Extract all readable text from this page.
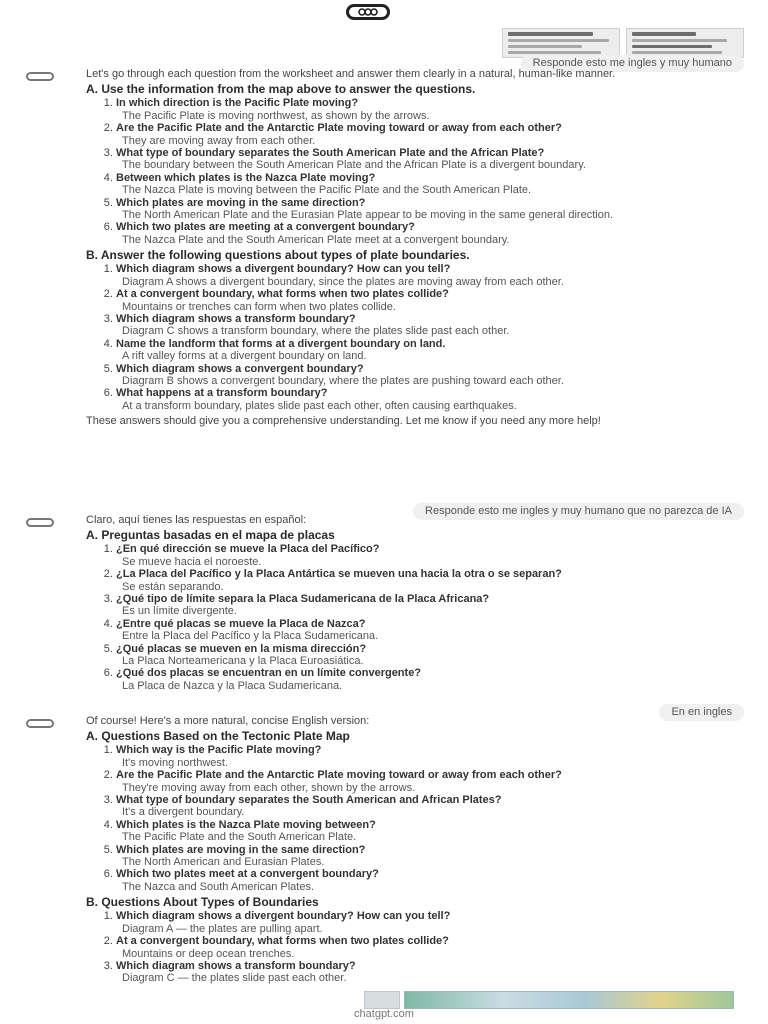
Responde esto me ingles y muy humano

Let's go through each question from the worksheet and answer them clearly in a natural, human-like manner.

A. Use the information from the map above to answer the questions.
1. In which direction is the Pacific Plate moving?
The Pacific Plate is moving northwest, as shown by the arrows.
2. Are the Pacific Plate and the Antarctic Plate moving toward or away from each other?
They are moving away from each other.
3. What type of boundary separates the South American Plate and the African Plate?
The boundary between the South American Plate and the African Plate is a divergent boundary.
4. Between which plates is the Nazca Plate moving?
The Nazca Plate is moving between the Pacific Plate and the South American Plate.
5. Which plates are moving in the same direction?
The North American Plate and the Eurasian Plate appear to be moving in the same general direction.
6. Which two plates are meeting at a convergent boundary?
The Nazca Plate and the South American Plate meet at a convergent boundary.
B. Answer the following questions about types of plate boundaries.
1. Which diagram shows a divergent boundary? How can you tell?
Diagram A shows a divergent boundary, since the plates are moving away from each other.
2. At a convergent boundary, what forms when two plates collide?
Mountains or trenches can form when two plates collide.
3. Which diagram shows a transform boundary?
Diagram C shows a transform boundary, where the plates slide past each other.
4. Name the landform that forms at a divergent boundary on land.
A rift valley forms at a divergent boundary on land.
5. Which diagram shows a convergent boundary?
Diagram B shows a convergent boundary, where the plates are pushing toward each other.
6. What happens at a transform boundary?
At a transform boundary, plates slide past each other, often causing earthquakes.

These answers should give you a comprehensive understanding. Let me know if you need any more help!

Responde esto me ingles y muy humano que no parezca de IA

Claro, aquí tienes las respuestas en español:

A. Preguntas basadas en el mapa de placas
1. ¿En qué dirección se mueve la Placa del Pacífico?
Se mueve hacia el noroeste.
2. ¿La Placa del Pacífico y la Placa Antártica se mueven una hacia la otra o se separan?
Se están separando.
3. ¿Qué tipo de límite separa la Placa Sudamericana de la Placa Africana?
Es un límite divergente.
4. ¿Entre qué placas se mueve la Placa de Nazca?
Entre la Placa del Pacífico y la Placa Sudamericana.
5. ¿Qué placas se mueven en la misma dirección?
La Placa Norteamericana y la Placa Euroasiática.
6. ¿Qué dos placas se encuentran en un límite convergente?
La Placa de Nazca y la Placa Sudamericana.
En en ingles

Of course! Here's a more natural, concise English version:

A. Questions Based on the Tectonic Plate Map
1. Which way is the Pacific Plate moving?
It's moving northwest.
2. Are the Pacific Plate and the Antarctic Plate moving toward or away from each other?
They're moving away from each other, shown by the arrows.
3. What type of boundary separates the South American and African Plates?
It's a divergent boundary.
4. Which plates is the Nazca Plate moving between?
The Pacific Plate and the South American Plate.
5. Which plates are moving in the same direction?
The North American and Eurasian Plates.
6. Which two plates meet at a convergent boundary?
The Nazca and South American Plates.
B. Questions About Types of Boundaries
1. Which diagram shows a divergent boundary? How can you tell?
Diagram A — the plates are pulling apart.
2. At a convergent boundary, what forms when two plates collide?
Mountains or deep ocean trenches.
3. Which diagram shows a transform boundary?
Diagram C — the plates slide past each other.
4.

chatgpt.com
